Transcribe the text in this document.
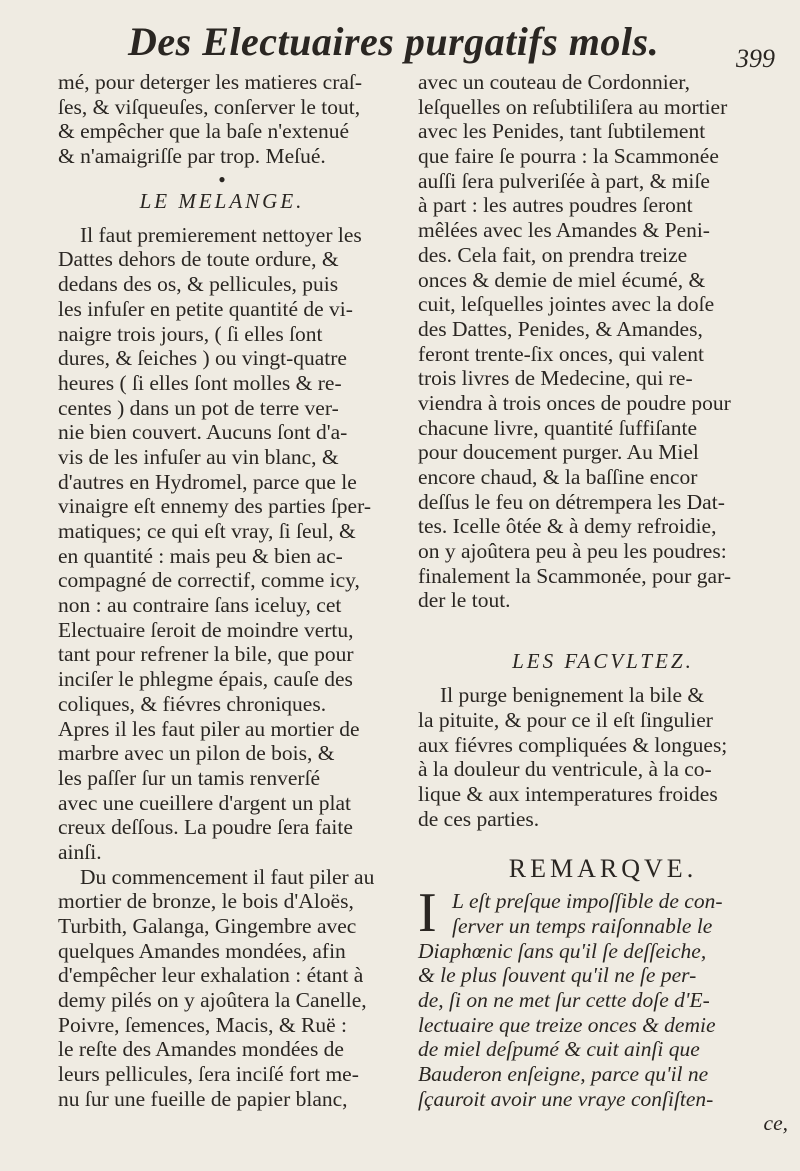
Des Electuaires purgatifs mols.	399
mé, pour deterger les matieres craſ-
ſes, & viſqueuſes, conſerver le tout,
& empêcher que la baſe n'extenué
& n'amaigriſſe par trop. Meſué.
●
LE MELANGE.
Il faut premierement nettoyer les
Dattes dehors de toute ordure, &
dedans des os, & pellicules, puis
les infuſer en petite quantité de vi-
naigre trois jours, ( ſi elles ſont
dures, & ſeiches ) ou vingt-quatre
heures ( ſi elles ſont molles & re-
centes ) dans un pot de terre ver-
nie bien couvert. Aucuns ſont d'a-
vis de les infuſer au vin blanc, &
d'autres en Hydromel, parce que le
vinaigre eſt ennemy des parties ſper-
matiques; ce qui eſt vray, ſi ſeul, &
en quantité : mais peu & bien ac-
compagné de correctif, comme icy,
non : au contraire ſans iceluy, cet
Electuaire ſeroit de moindre vertu,
tant pour refrener la bile, que pour
inciſer le phlegme épais, cauſe des
coliques, & fiévres chroniques.
Apres il les faut piler au mortier de
marbre avec un pilon de bois, &
les paſſer ſur un tamis renverſé
avec une cueillere d'argent un plat
creux deſſous. La poudre ſera faite
ainſi.
Du commencement il faut piler au
mortier de bronze, le bois d'Aloës,
Turbith, Galanga, Gingembre avec
quelques Amandes mondées, afin
d'empêcher leur exhalation : étant à
demy pilés on y ajoûtera la Canelle,
Poivre, ſemences, Macis, & Ruë :
le reſte des Amandes mondées de
leurs pellicules, ſera inciſé fort me-
nu ſur une fueille de papier blanc,
avec un couteau de Cordonnier,
leſquelles on reſubtiliſera au mortier
avec les Penides, tant ſubtilement
que faire ſe pourra : la Scammonée
auſſi ſera pulveriſée à part, & miſe
à part : les autres poudres ſeront
mêlées avec les Amandes & Peni-
des. Cela fait, on prendra treize
onces & demie de miel écumé, &
cuit, leſquelles jointes avec la doſe
des Dattes, Penides, & Amandes,
feront trente-ſix onces, qui valent
trois livres de Medecine, qui re-
viendra à trois onces de poudre pour
chacune livre, quantité ſuffiſante
pour doucement purger. Au Miel
encore chaud, & la baſſine encor
deſſus le feu on détrempera les Dat-
tes. Icelle ôtée & à demy refroidie,
on y ajoûtera peu à peu les poudres:
finalement la Scammonée, pour gar-
der le tout.
LES FACVLTEZ.
Il purge benignement la bile &
la pituite, & pour ce il eſt ſingulier
aux fiévres compliquées & longues;
à la douleur du ventricule, à la co-
lique & aux intemperatures froides
de ces parties.
REMARQVE.
I L eſt preſque impoſſible de con-
ſerver un temps raiſonnable le
Diaphœnic ſans qu'il ſe deſſeiche,
& le plus ſouvent qu'il ne ſe per-
de, ſi on ne met ſur cette doſe d'E-
lectuaire que treize onces & demie
de miel deſpumé & cuit ainſi que
Bauderon enſeigne, parce qu'il ne
ſçauroit avoir une vraye conſiſten-
ce,
